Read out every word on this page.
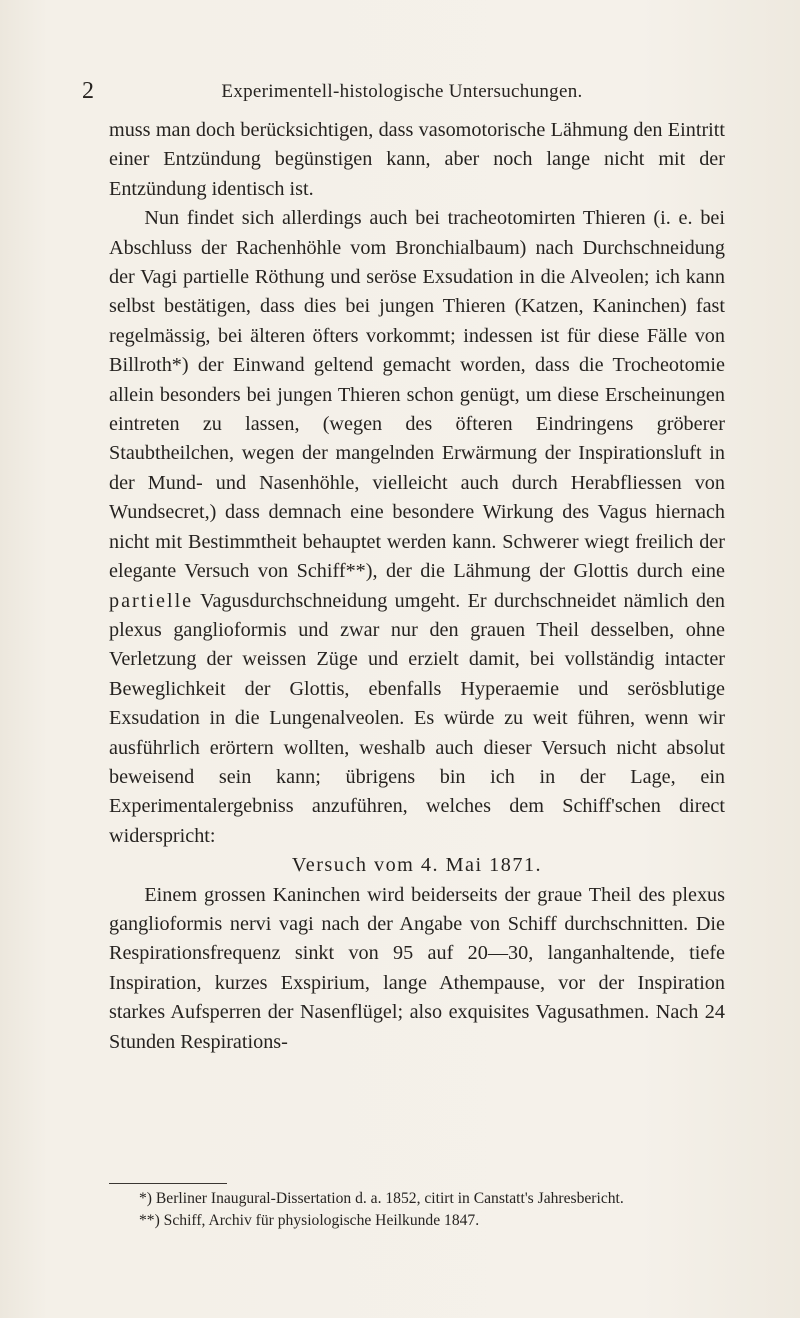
2	Experimentell-histologische Untersuchungen.

muss man doch berücksichtigen, dass vasomotorische Lähmung den Eintritt einer Entzündung begünstigen kann, aber noch lange nicht mit der Entzündung identisch ist.

Nun findet sich allerdings auch bei tracheotomirten Thieren (i. e. bei Abschluss der Rachenhöhle vom Bronchialbaum) nach Durchschneidung der Vagi partielle Röthung und seröse Exsudation in die Alveolen; ich kann selbst bestätigen, dass dies bei jungen Thieren (Katzen, Kaninchen) fast regelmässig, bei älteren öfters vorkommt; indessen ist für diese Fälle von Billroth*) der Einwand geltend gemacht worden, dass die Trocheotomie allein besonders bei jungen Thieren schon genügt, um diese Erscheinungen eintreten zu lassen, (wegen des öfteren Eindringens gröberer Staubtheilchen, wegen der mangelnden Erwärmung der Inspirationsluft in der Mund- und Nasenhöhle, vielleicht auch durch Herabfliessen von Wundsecret,) dass demnach eine besondere Wirkung des Vagus hiernach nicht mit Bestimmtheit behauptet werden kann. Schwerer wiegt freilich der elegante Versuch von Schiff**), der die Lähmung der Glottis durch eine partielle Vagusdurchschneidung umgeht. Er durchschneidet nämlich den plexus ganglioformis und zwar nur den grauen Theil desselben, ohne Verletzung der weissen Züge und erzielt damit, bei vollständig intacter Beweglichkeit der Glottis, ebenfalls Hyperaemie und serösblutige Exsudation in die Lungenalveolen. Es würde zu weit führen, wenn wir ausführlich erörtern wollten, weshalb auch dieser Versuch nicht absolut beweisend sein kann; übrigens bin ich in der Lage, ein Experimentalergebniss anzuführen, welches dem Schiff'schen direct widerspricht:

Versuch vom 4. Mai 1871.

Einem grossen Kaninchen wird beiderseits der graue Theil des plexus ganglioformis nervi vagi nach der Angabe von Schiff durchschnitten. Die Respirationsfrequenz sinkt von 95 auf 20—30, langanhaltende, tiefe Inspiration, kurzes Exspirium, lange Athempause, vor der Inspiration starkes Aufsperren der Nasenflügel; also exquisites Vagusathmen. Nach 24 Stunden Respirations-

*) Berliner Inaugural-Dissertation d. a. 1852, citirt in Canstatt's Jahresbericht.

**) Schiff, Archiv für physiologische Heilkunde 1847.
